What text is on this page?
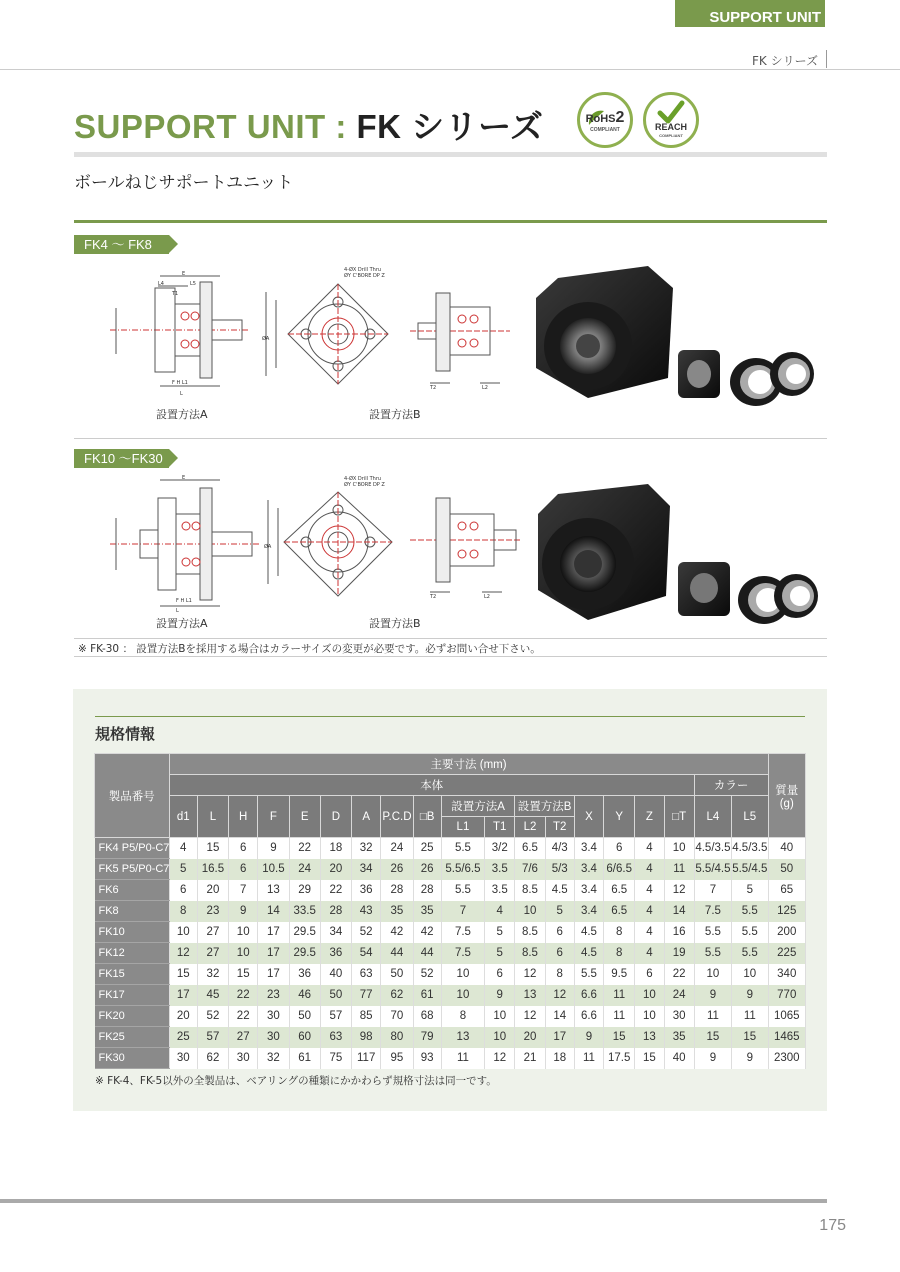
SUPPORT UNIT
FK シリーズ
SUPPORT UNIT : FK シリーズ	RoHS2
COMPLIANT	REACH
COMPLIANT
ボールねじサポートユニット
FK4 ～ FK8
E
L4
T1
L5
L
F H L1
設置方法A
ØA
4-ØX Drill Thru
ØY C'BORE DP Z
T2	L2
設置方法B
FK10 ～FK30
E
L
F H L1
設置方法A
ØA
4-ØX Drill Thru
ØY C'BORE DP Z
T2	L2
設置方法B
※ FK-30 ： 設置方法Bを採用する場合はカラーサイズの変更が必要です。必ずお問い合せ下さい。
規格情報
製品番号	主要寸法 (mm)																			質量 (g)
	本体																	カラー		
	d1	L	H	F	E	D	A	P.C.D	□B	設置方法A		設置方法B		X	Y	Z	□T	L4	L5	
										L1	T1	L2	T2							
FK4 P5/P0-C7	4	15	6	9	22	18	32	24	25	5.5	3/2	6.5	4/3	3.4	6	4	10	4.5/3.5	4.5/3.5	40
FK5 P5/P0-C7	5	16.5	6	10.5	24	20	34	26	26	5.5/6.5	3.5	7/6	5/3	3.4	6/6.5	4	11	5.5/4.5	5.5/4.5	50
FK6	6	20	7	13	29	22	36	28	28	5.5	3.5	8.5	4.5	3.4	6.5	4	12	7	5	65
FK8	8	23	9	14	33.5	28	43	35	35	7	4	10	5	3.4	6.5	4	14	7.5	5.5	125
FK10	10	27	10	17	29.5	34	52	42	42	7.5	5	8.5	6	4.5	8	4	16	5.5	5.5	200
FK12	12	27	10	17	29.5	36	54	44	44	7.5	5	8.5	6	4.5	8	4	19	5.5	5.5	225
FK15	15	32	15	17	36	40	63	50	52	10	6	12	8	5.5	9.5	6	22	10	10	340
FK17	17	45	22	23	46	50	77	62	61	10	9	13	12	6.6	11	10	24	9	9	770
FK20	20	52	22	30	50	57	85	70	68	8	10	12	14	6.6	11	10	30	11	11	1065
FK25	25	57	27	30	60	63	98	80	79	13	10	20	17	9	15	13	35	15	15	1465
FK30	30	62	30	32	61	75	117	95	93	11	12	21	18	11	17.5	15	40	9	9	2300
※ FK-4、FK-5以外の全製品は、ベアリングの種類にかかわらず規格寸法は同一です。
175
